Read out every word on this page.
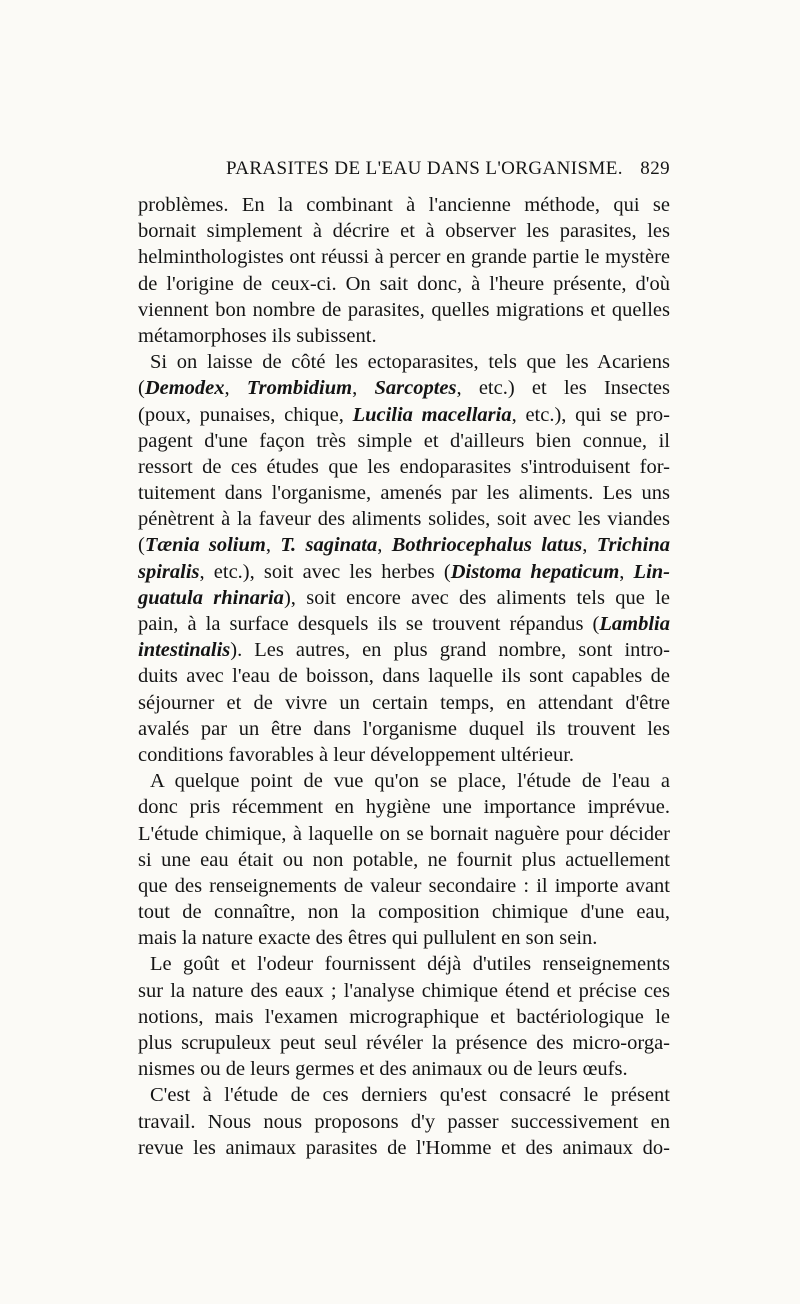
PARASITES DE L'EAU DANS L'ORGANISME. 829
problèmes. En la combinant à l'ancienne méthode, qui se
bornait simplement à décrire et à observer les parasites, les
helminthologistes ont réussi à percer en grande partie le mystère
de l'origine de ceux-ci. On sait donc, à l'heure présente, d'où
viennent bon nombre de parasites, quelles migrations et quelles
métamorphoses ils subissent.
Si on laisse de côté les ectoparasites, tels que les Acariens
(Demodex, Trombidium, Sarcoptes, etc.) et les Insectes
(poux, punaises, chique, Lucilia macellaria, etc.), qui se pro-
pagent d'une façon très simple et d'ailleurs bien connue, il
ressort de ces études que les endoparasites s'introduisent for-
tuitement dans l'organisme, amenés par les aliments. Les uns
pénètrent à la faveur des aliments solides, soit avec les viandes
(Tænia solium, T. saginata, Bothriocephalus latus, Trichina
spiralis, etc.), soit avec les herbes (Distoma hepaticum, Lin-
guatula rhinaria), soit encore avec des aliments tels que le
pain, à la surface desquels ils se trouvent répandus (Lamblia
intestinalis). Les autres, en plus grand nombre, sont intro-
duits avec l'eau de boisson, dans laquelle ils sont capables de
séjourner et de vivre un certain temps, en attendant d'être
avalés par un être dans l'organisme duquel ils trouvent les
conditions favorables à leur développement ultérieur.
A quelque point de vue qu'on se place, l'étude de l'eau a
donc pris récemment en hygiène une importance imprévue.
L'étude chimique, à laquelle on se bornait naguère pour décider
si une eau était ou non potable, ne fournit plus actuellement
que des renseignements de valeur secondaire : il importe avant
tout de connaître, non la composition chimique d'une eau,
mais la nature exacte des êtres qui pullulent en son sein.
Le goût et l'odeur fournissent déjà d'utiles renseignements
sur la nature des eaux ; l'analyse chimique étend et précise ces
notions, mais l'examen micrographique et bactériologique le
plus scrupuleux peut seul révéler la présence des micro-orga-
nismes ou de leurs germes et des animaux ou de leurs œufs.
C'est à l'étude de ces derniers qu'est consacré le présent
travail. Nous nous proposons d'y passer successivement en
revue les animaux parasites de l'Homme et des animaux do-
